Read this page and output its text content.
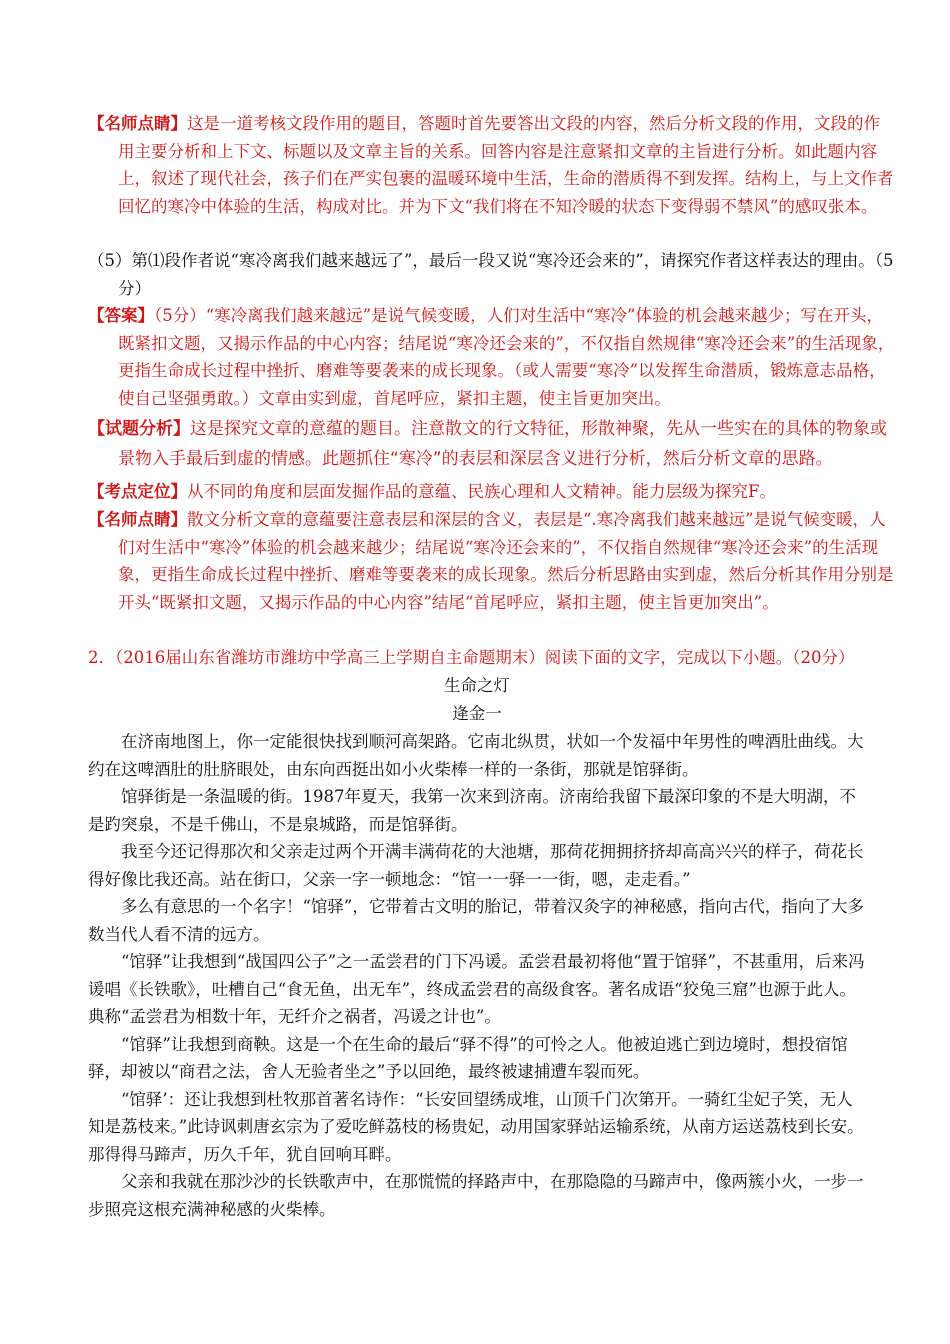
【名师点睛】这是一道考核文段作用的题目，答题时首先要答出文段的内容，然后分析文段的作用，文段的作用主要分析和上下文、标题以及文章主旨的关系。回答内容是注意紧扣文章的主旨进行分析。如此题内容上，叙述了现代社会，孩子们在严实包裹的温暖环境中生活，生命的潜质得不到发挥。结构上，与上文作者回忆的寒冷中体验的生活，构成对比。并为下文“我们将在不知冷暖的状态下变得弱不禁风”的感叹张本。
（5）第⑴段作者说“寒冷离我们越来越远了”，最后一段又说“寒冷还会来的”，请探究作者这样表达的理由。（5分）
【答案】（5分）“寒冷离我们越来越远”是说气候变暖，人们对生活中“寒冷”体验的机会越来越少；写在开头，既紧扣文题，又揭示作品的中心内容；结尾说“寒冷还会来的”，不仅指自然规律“寒冷还会来”的生活现象，更指生命成长过程中挫折、磨难等要袭来的成长现象。（或人需要“寒冷”以发挥生命潜质，锻炼意志品格，使自己坚强勇敢。）文章由实到虚，首尾呼应，紧扣主题，使主旨更加突出。
【试题分析】这是探究文章的意蕴的题目。注意散文的行文特征，形散神聚，先从一些实在的具体的物象或景物入手最后到虚的情感。此题抓住“寒冷”的表层和深层含义进行分析，然后分析文章的思路。
【考点定位】从不同的角度和层面发掘作品的意蕴、民族心理和人文精神。能力层级为探究F。
【名师点睛】散文分析文章的意蕴要注意表层和深层的含义，表层是“.寒冷离我们越来越远”是说气候变暖，人们对生活中“寒冷”体验的机会越来越少；结尾说“寒冷还会来的”，不仅指自然规律“寒冷还会来”的生活现象，更指生命成长过程中挫折、磨难等要袭来的成长现象。然后分析思路由实到虚，然后分析其作用分别是开头“既紧扣文题，又揭示作品的中心内容”结尾“首尾呼应，紧扣主题，使主旨更加突出”。
2．（2016届山东省潍坊市潍坊中学高三上学期自主命题期末）阅读下面的文字，完成以下小题。（20分）
生命之灯
逄金一
在济南地图上，你一定能很快找到顺河高架路。它南北纵贯，状如一个发福中年男性的啤酒肚曲线。大约在这啤酒肚的肚脐眼处，由东向西挺出如小火柴棒一样的一条街，那就是馆驿街。
馆驿街是一条温暖的街。1987年夏天，我第一次来到济南。济南给我留下最深印象的不是大明湖，不是趵突泉，不是千佛山，不是泉城路，而是馆驿街。
我至今还记得那次和父亲走过两个开满丰满荷花的大池塘，那荷花拥拥挤挤却高高兴兴的样子，荷花长得好像比我还高。站在街口，父亲一字一顿地念：“馆一一驿一一街，嗯，走走看。”
多么有意思的一个名字！“馆驿”，它带着古文明的胎记，带着汉灸字的神秘感，指向古代，指向了大多数当代人看不清的远方。
“馆驿”让我想到“战国四公子”之一孟尝君的门下冯谖。孟尝君最初将他“置于馆驿”，不甚重用，后来冯谖唱《长铁歌》，吐槽自己“食无鱼，出无车”，终成孟尝君的高级食客。著名成语“狡兔三窟”也源于此人。典称“孟尝君为相数十年，无纤介之祸者，冯谖之计也”。
“馆驿”让我想到商鞅。这是一个在生命的最后“驿不得”的可怜之人。他被迫逃亡到边境时，想投宿馆驿，却被以“商君之法，舍人无验者坐之”予以回绝，最终被逮捕遭车裂而死。
“馆驿’：还让我想到杜牧那首著名诗作：“长安回望绣成堆，山顶千门次第开。一骑红尘妃子笑，无人知是荔枝来。”此诗讽刺唐玄宗为了爱吃鲜荔枝的杨贵妃，动用国家驿站运输系统，从南方运送荔枝到长安。那得得马蹄声，历久千年，犹自回响耳畔。
父亲和我就在那沙沙的长铁歌声中，在那慌慌的择路声中，在那隐隐的马蹄声中，像两簇小火，一步一步照亮这根充满神秘感的火柴棒。
